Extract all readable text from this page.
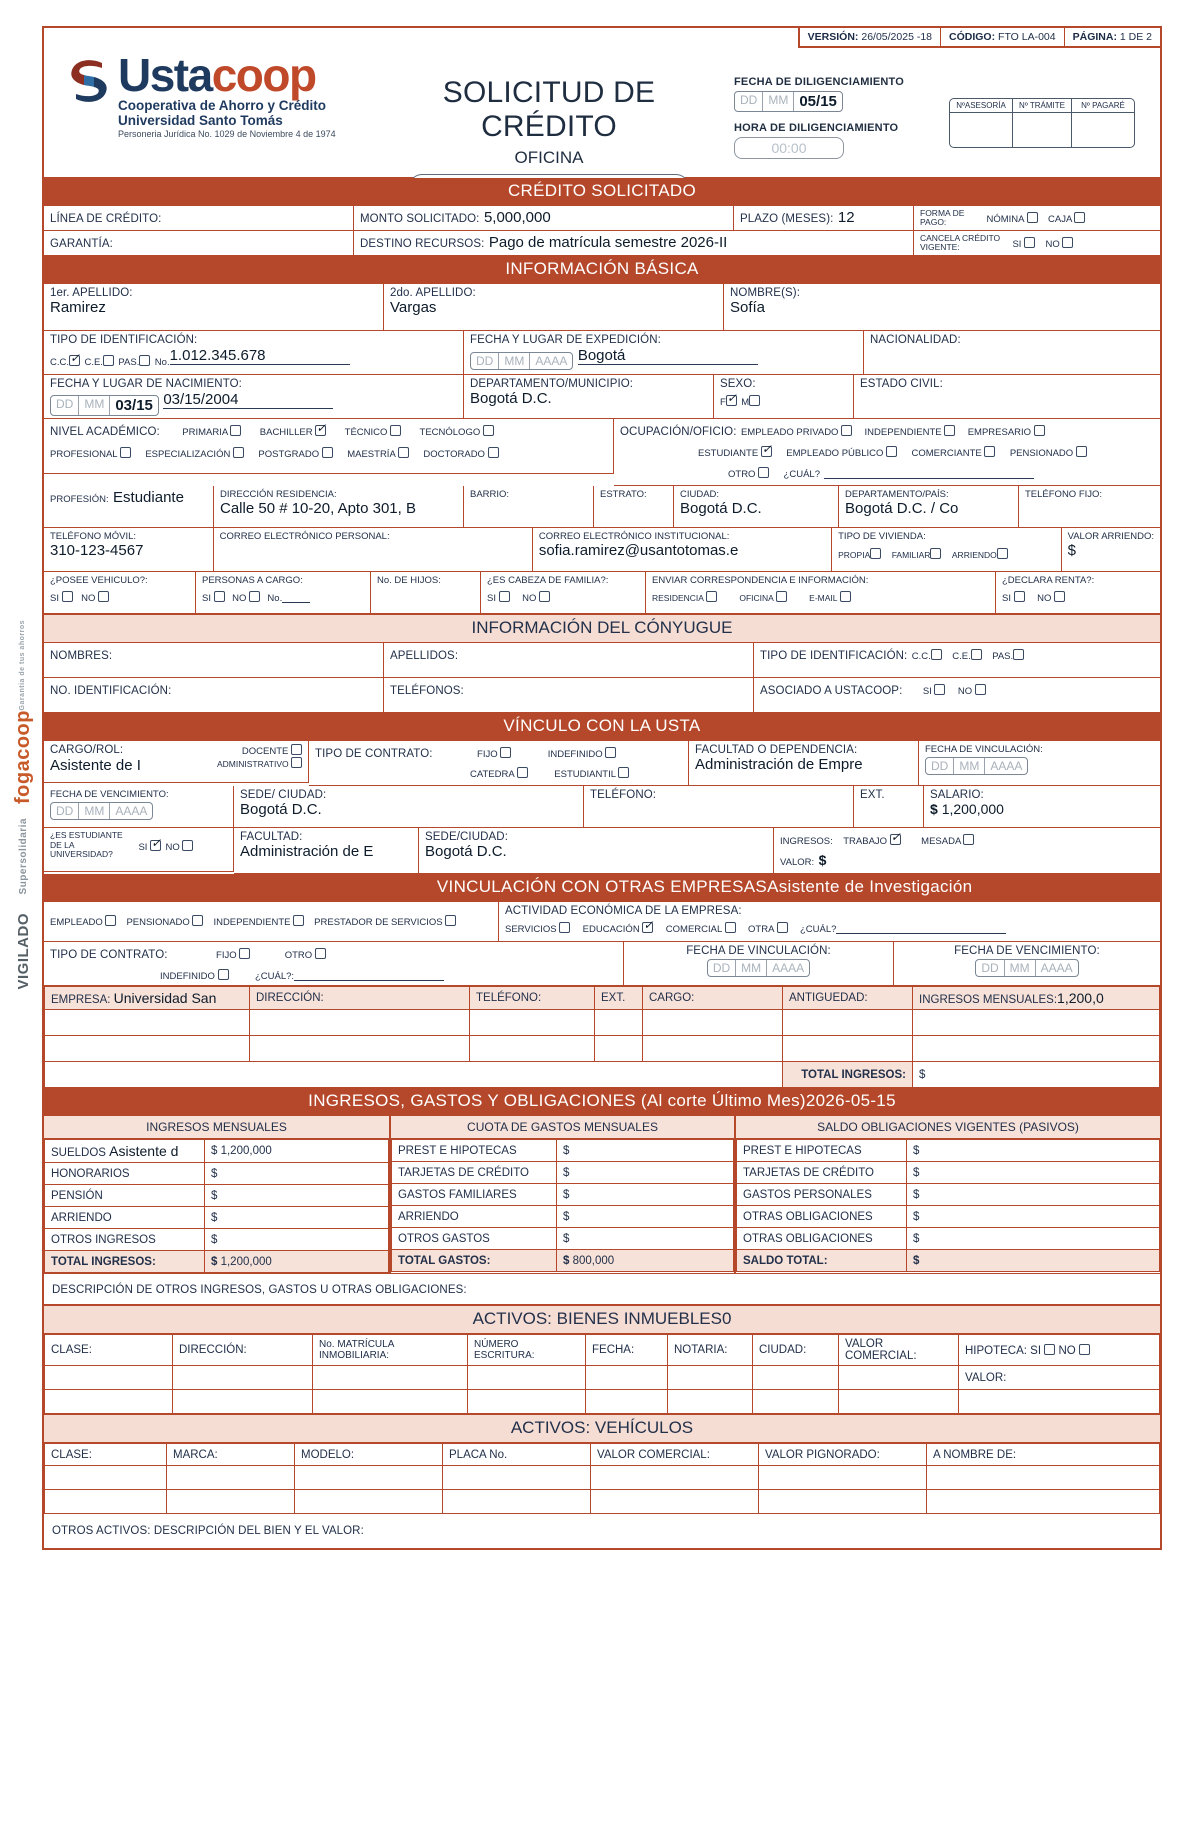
Garantia de tus ahorros
fogacoop
Supersolidaria
VIGILADO
VERSIÓN: 26/05/2025 -18	CÓDIGO: FTO LA-004	PÁGINA: 1 DE 2
Ustacoop
Cooperativa de Ahorro y Crédito
Universidad Santo Tomás
Personeria Jurídica No. 1029 de Noviembre 4 de 1974
SOLICITUD DE CRÉDITO
OFICINA
FECHA DE DILIGENCIAMIENTO
DD MM 05/15
HORA DE DILIGENCIAMIENTO
00:00
NºASESORÍA	Nº TRÁMITE	Nº PAGARÉ
CRÉDITO SOLICITADO
LÍNEA DE CRÉDITO:	MONTO SOLICITADO: 5,000,000	PLAZO (MESES): 12	FORMA DE PAGO:	NÓMINA	CAJA
GARANTÍA:	DESTINO RECURSOS: Pago de matrícula semestre 2026-II	CANCELA CRÉDITO VIGENTE:	SI	NO
INFORMACIÓN BÁSICA
1er. APELLIDO:
Ramirez
2do. APELLIDO:
Vargas
NOMBRE(S):
Sofía
TIPO DE IDENTIFICACIÓN:
C.C. ✓ C.E. PAS. No.1.012.345.678
FECHA Y LUGAR DE EXPEDICIÓN:
DD MM AAAA Bogotá
NACIONALIDAD:
FECHA Y LUGAR DE NACIMIENTO:
DD MM 03/15 03/15/2004
DEPARTAMENTO/MUNICIPIO:
Bogotá D.C.
SEXO:
F ✓ M
ESTADO CIVIL:
NIVEL ACADÉMICO: PRIMARIA	BACHILLER ✓	TÉCNICO	TECNÓLOGO
PROFESIONAL	ESPECIALIZACIÓN	POSTGRADO	MAESTRÍA	DOCTORADO
OCUPACIÓN/OFICIO: EMPLEADO PRIVADO	INDEPENDIENTE	EMPRESARIO
ESTUDIANTE ✓	EMPLEADO PÚBLICO	COMERCIANTE	PENSIONADO
OTRO	¿CUÁL?
PROFESIÓN: Estudiante	DIRECCIÓN RESIDENCIA:
Calle 50 # 10-20, Apto 301, B
BARRIO:	ESTRATO:	CIUDAD:
Bogotá D.C.
DEPARTAMENTO/PAÍS:
Bogotá D.C. / Co
TELÉFONO FIJO:
TELÉFONO MÓVIL:
310-123-4567
CORREO ELECTRÓNICO PERSONAL:	CORREO ELECTRÓNICO INSTITUCIONAL:
sofia.ramirez@usantotomas.e
TIPO DE VIVIENDA:
PROPIA	FAMILIAR	ARRIENDO
VALOR ARRIENDO:
$
¿POSEE VEHICULO?:
SI NO
PERSONAS A CARGO:
SI NO No.
No. DE HIJOS:	¿ES CABEZA DE FAMILIA?:
SI	NO
ENVIAR CORRESPONDENCIA E INFORMACIÓN:
RESIDENCIA	OFICINA	E-MAIL
¿DECLARA RENTA?:
SI	NO
INFORMACIÓN DEL CÓNYUGUE
NOMBRES:	APELLIDOS:	TIPO DE IDENTIFICACIÓN: C.C. C.E. PAS.
NO. IDENTIFICACIÓN:	TELÉFONOS:	ASOCIADO A USTACOOP: SI	NO
VÍNCULO CON LA USTA
CARGO/ROL:	DOCENTE
Asistente de I	ADMINISTRATIVO
TIPO DE CONTRATO:	FIJO	INDEFINIDO
CATEDRA	ESTUDIANTIL
FACULTAD O DEPENDENCIA:
Administración de Empre
FECHA DE VINCULACIÓN:
DD MM AAAA
FECHA DE VENCIMIENTO:
DD MM AAAA
SEDE/ CIUDAD:
Bogotá D.C.
TELÉFONO:	EXT.	SALARIO:
$ 1,200,000
¿ES ESTUDIANTE DE LA UNIVERSIDAD? SI ✓ NO
FACULTAD:
Administración de E
SEDE/CIUDAD:
Bogotá D.C.
INGRESOS: TRABAJO ✓	MESADA
VALOR: $
VINCULACIÓN CON OTRAS EMPRESAS Asistente de Investigación
EMPLEADO	PENSIONADO	INDEPENDIENTE	PRESTADOR DE SERVICIOS
ACTIVIDAD ECONÓMICA DE LA EMPRESA:
SERVICIOS	EDUCACIÓN ✓	COMERCIAL	OTRA	¿CUÁL?
TIPO DE CONTRATO:	FIJO	OTRO
INDEFINIDO	¿CUÁL?:
FECHA DE VINCULACIÓN:
DD MM AAAA
FECHA DE VENCIMIENTO:
DD MM AAAA
EMPRESA: Universidad San	DIRECCIÓN:	TELÉFONO:	EXT.	CARGO:	ANTIGUEDAD:	INGRESOS MENSUALES:1,200,0

					TOTAL INGRESOS:	$
INGRESOS, GASTOS Y OBLIGACIONES (Al corte Último Mes)2026-05-15
INGRESOS MENSUALES
SUELDOS Asistente d	$ 1,200,000
HONORARIOS	$
PENSIÓN	$
ARRIENDO	$
OTROS INGRESOS	$
TOTAL INGRESOS:	$ 1,200,000
CUOTA DE GASTOS MENSUALES
PREST E HIPOTECAS	$
TARJETAS DE CRÉDITO	$
GASTOS FAMILIARES	$
ARRIENDO	$
OTROS GASTOS	$
TOTAL GASTOS:	$ 800,000
SALDO OBLIGACIONES VIGENTES (PASIVOS)
PREST E HIPOTECAS	$
TARJETAS DE CRÉDITO	$
GASTOS PERSONALES	$
OTRAS OBLIGACIONES	$
OTRAS OBLIGACIONES	$
SALDO TOTAL:	$
DESCRIPCIÓN DE OTROS INGRESOS, GASTOS U OTRAS OBLIGACIONES:
ACTIVOS: BIENES INMUEBLES0
CLASE:	DIRECCIÓN:	No. MATRÍCULA INMOBILIARIA:	NÚMERO ESCRITURA:	FECHA:	NOTARIA:	CIUDAD:	VALOR COMERCIAL:	HIPOTECA: SI NO
								VALOR:

ACTIVOS: VEHÍCULOS
CLASE:	MARCA:	MODELO:	PLACA No.	VALOR COMERCIAL:	VALOR PIGNORADO:	A NOMBRE DE:

OTROS ACTIVOS: DESCRIPCIÓN DEL BIEN Y EL VALOR:
